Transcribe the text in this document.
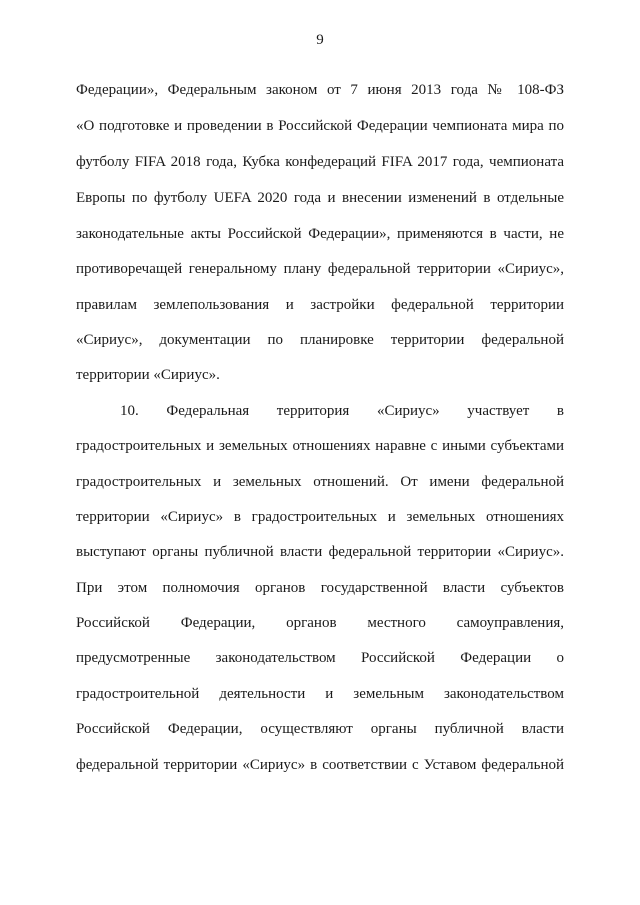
9
Федерации», Федеральным законом от 7 июня 2013 года № 108-ФЗ
«О подготовке и проведении в Российской Федерации чемпионата мира по
футболу FIFA 2018 года, Кубка конфедераций FIFA 2017 года, чемпионата
Европы по футболу UEFA 2020 года и внесении изменений в отдельные
законодательные акты Российской Федерации», применяются в части, не
противоречащей генеральному плану федеральной территории «Сириус»,
правилам землепользования и застройки федеральной территории
«Сириус», документации по планировке территории федеральной
территории «Сириус».
10. Федеральная территория «Сириус» участвует в
градостроительных и земельных отношениях наравне с иными субъектами
градостроительных и земельных отношений. От имени федеральной
территории «Сириус» в градостроительных и земельных отношениях
выступают органы публичной власти федеральной территории «Сириус».
При этом полномочия органов государственной власти субъектов
Российской Федерации, органов местного самоуправления,
предусмотренные законодательством Российской Федерации о
градостроительной деятельности и земельным законодательством
Российской Федерации, осуществляют органы публичной власти
федеральной территории «Сириус» в соответствии с Уставом федеральной
